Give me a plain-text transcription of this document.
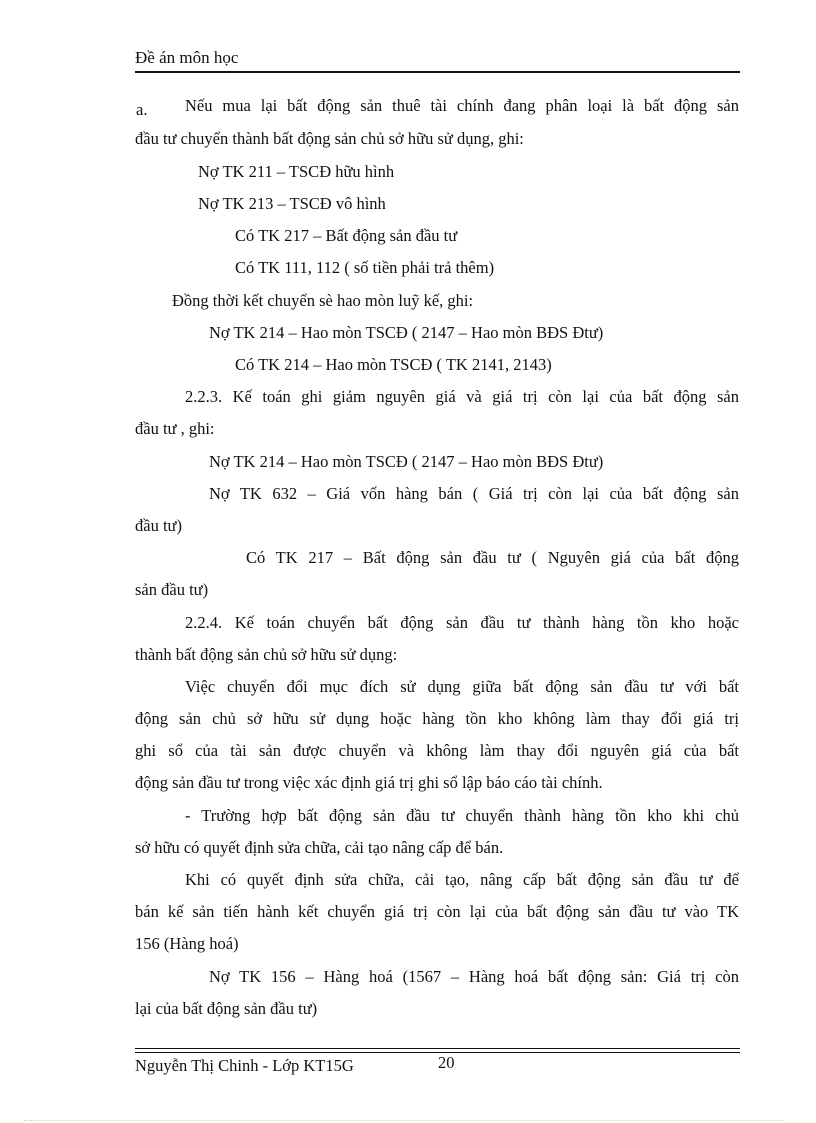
Đề án môn học
a. Nếu mua lại bất động sản thuê tài chính đang phân loại là bất động sản
đầu tư chuyển thành bất động sản chủ sở hữu sử dụng, ghi:
Nợ TK 211 – TSCĐ hữu hình
Nợ TK 213 – TSCĐ vô hình
Có TK 217 – Bất động sản đầu tư
Có TK 111, 112 ( số tiền phải trả thêm)
Đồng thời kết chuyển sè hao mòn luỹ kế, ghi:
Nợ TK 214 – Hao mòn TSCĐ ( 2147 – Hao mòn BĐS Đtư)
Có TK 214 – Hao mòn TSCĐ ( TK 2141, 2143)
2.2.3. Kế toán ghi giảm nguyên giá và giá trị còn lại của bất động sản
đầu tư , ghi:
Nợ TK 214 – Hao mòn TSCĐ ( 2147 – Hao mòn BĐS Đtư)
Nợ TK 632 – Giá vốn hàng bán ( Giá trị còn lại của bất động sản
đầu tư)
Có TK 217 – Bất động sản đầu tư ( Nguyên giá của bất động
sản đầu tư)
2.2.4. Kế toán chuyển bất động sản đầu tư thành hàng tồn kho hoặc
thành bất động sản chủ sở hữu sử dụng:
Việc chuyển đổi mục đích sử dụng giữa bất động sản đầu tư với bất
động sản chủ sở hữu sử dụng hoặc hàng tồn kho không làm thay đổi giá trị
ghi sổ của tài sản được chuyển và không làm thay đổi nguyên giá của bất
động sản đầu tư trong việc xác định giá trị ghi sổ lập báo cáo tài chính.
- Trường hợp bất động sản đầu tư chuyển thành hàng tồn kho khi chủ
sở hữu có quyết định sửa chữa, cải tạo nâng cấp để bán.
Khi có quyết định sửa chữa, cải tạo, nâng cấp bất động sản đầu tư để
bán kế sản tiến hành kết chuyển giá trị còn lại của bất động sản đầu tư vào TK
156 (Hàng hoá)
Nợ TK 156 – Hàng hoá (1567 – Hàng hoá bất động sản: Giá trị còn
lại của bất động sản đầu tư)
Nguyễn Thị Chinh - Lớp KT15G	20
